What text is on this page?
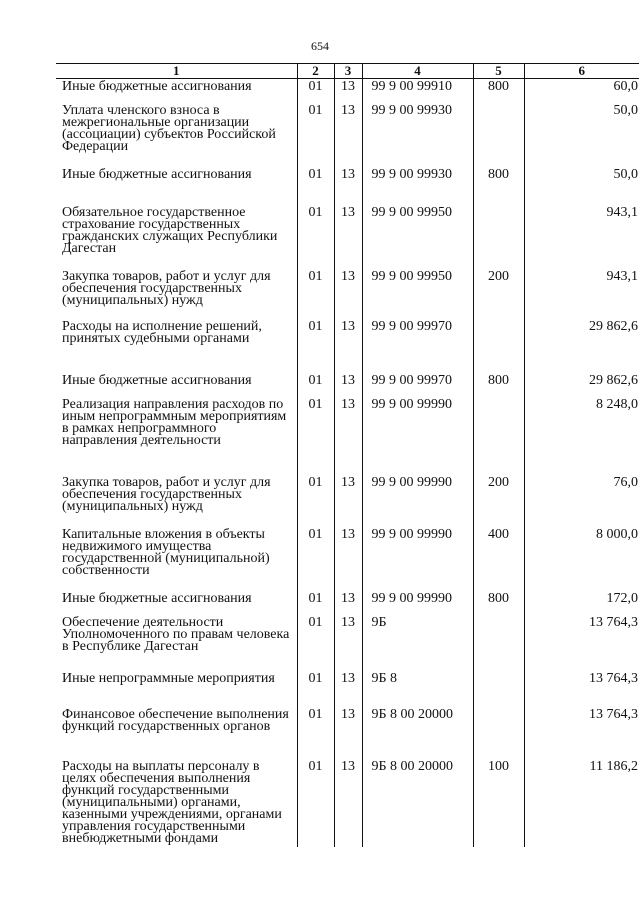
654
1	2	3	4	5	6
Иные бюджетные ассигнования	01	13	99 9 00 99910	800	60,0
Уплата членского взноса в межрегиональные организации (ассоциации) субъектов Российской Федерации	01	13	99 9 00 99930		50,0
Иные бюджетные ассигнования	01	13	99 9 00 99930	800	50,0
Обязательное государственное страхование государственных гражданских служащих Республики Дагестан	01	13	99 9 00 99950		943,1
Закупка товаров, работ и услуг для обеспечения государственных (муниципальных) нужд	01	13	99 9 00 99950	200	943,1
Расходы на исполнение решений, принятых судебными органами	01	13	99 9 00 99970		29 862,6
Иные бюджетные ассигнования	01	13	99 9 00 99970	800	29 862,6
Реализация направления расходов по иным непрограммным мероприятиям в рамках непрограммного направления деятельности	01	13	99 9 00 99990		8 248,0
Закупка товаров, работ и услуг для обеспечения государственных (муниципальных) нужд	01	13	99 9 00 99990	200	76,0
Капитальные вложения в объекты недвижимого имущества государственной (муниципальной) собственности	01	13	99 9 00 99990	400	8 000,0
Иные бюджетные ассигнования	01	13	99 9 00 99990	800	172,0
Обеспечение деятельности Уполномоченного по правам человека в Республике Дагестан	01	13	9Б		13 764,3
Иные непрограммные мероприятия	01	13	9Б 8		13 764,3
Финансовое обеспечение выполнения функций государственных органов	01	13	9Б 8 00 20000		13 764,3
Расходы на выплаты персоналу в целях обеспечения выполнения функций государственными (муниципальными) органами, казенными учреждениями, органами управления государственными внебюджетными фондами	01	13	9Б 8 00 20000	100	11 186,2
